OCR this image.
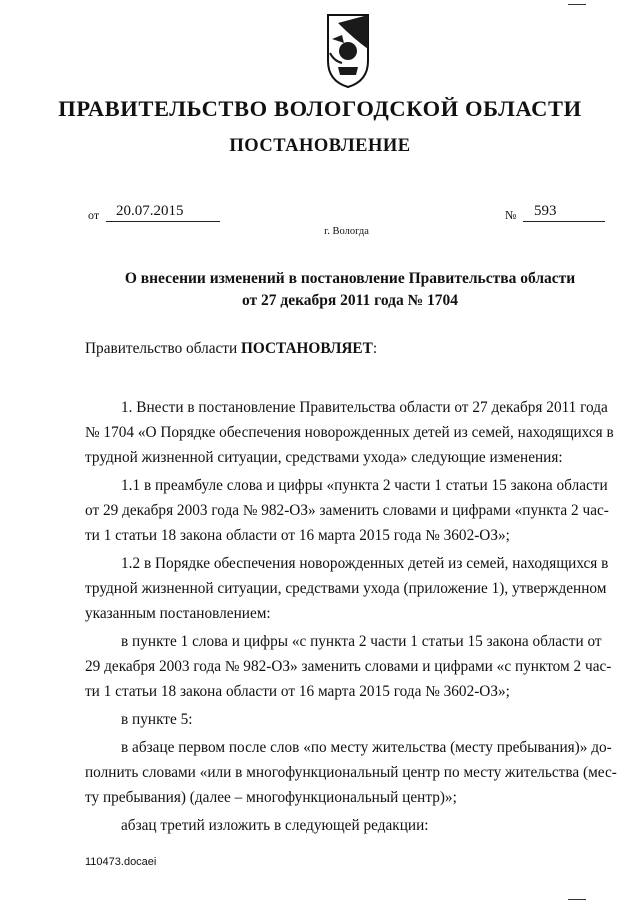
ПРАВИТЕЛЬСТВО ВОЛОГОДСКОЙ ОБЛАСТИ
ПОСТАНОВЛЕНИЕ
от 20.07.2015	№ 593
г. Вологда
О внесении изменений в постановление Правительства области
от 27 декабря 2011 года № 1704
Правительство области ПОСТАНОВЛЯЕТ:
1. Внести в постановление Правительства области от 27 декабря 2011 года
№ 1704 «О Порядке обеспечения новорожденных детей из семей, находящихся в
трудной жизненной ситуации, средствами ухода» следующие изменения:
1.1 в преамбуле слова и цифры «пункта 2 части 1 статьи 15 закона области
от 29 декабря 2003 года № 982-ОЗ» заменить словами и цифрами «пункта 2 час-
ти 1 статьи 18 закона области от 16 марта 2015 года № 3602-ОЗ»;
1.2 в Порядке обеспечения новорожденных детей из семей, находящихся в
трудной жизненной ситуации, средствами ухода (приложение 1), утвержденном
указанным постановлением:
в пункте 1 слова и цифры «с пункта 2 части 1 статьи 15 закона области от
29 декабря 2003 года № 982-ОЗ» заменить словами и цифрами «с пунктом 2 час-
ти 1 статьи 18 закона области от 16 марта 2015 года № 3602-ОЗ»;
в пункте 5:
в абзаце первом после слов «по месту жительства (месту пребывания)» до-
полнить словами «или в многофункциональный центр по месту жительства (мес-
ту пребывания) (далее – многофункциональный центр)»;
абзац третий изложить в следующей редакции:
110473.docaei
